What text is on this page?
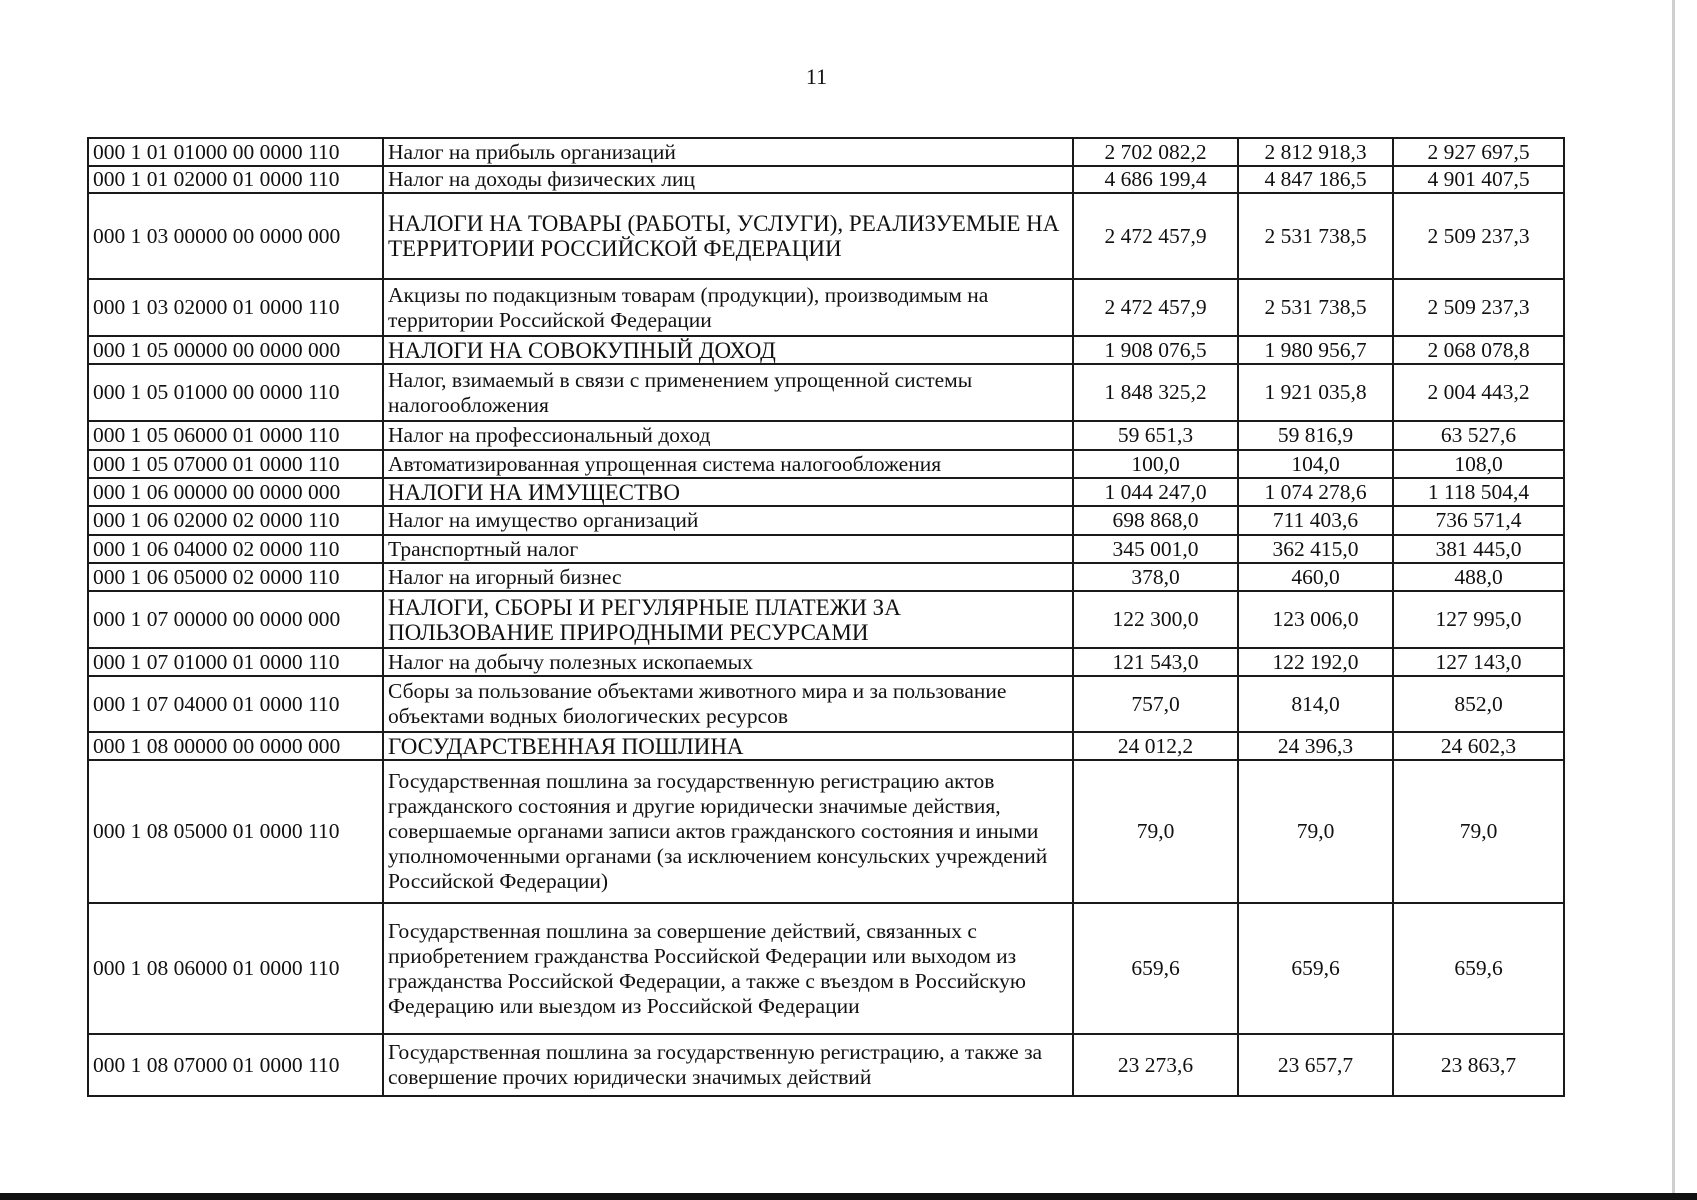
11
000 1 01 01000 00 0000 110	Налог на прибыль организаций	2 702 082,2	2 812 918,3	2 927 697,5
000 1 01 02000 01 0000 110	Налог на доходы физических лиц	4 686 199,4	4 847 186,5	4 901 407,5
000 1 03 00000 00 0000 000	НАЛОГИ НА ТОВАРЫ (РАБОТЫ, УСЛУГИ), РЕАЛИЗУЕМЫЕ НА ТЕРРИТОРИИ РОССИЙСКОЙ ФЕДЕРАЦИИ	2 472 457,9	2 531 738,5	2 509 237,3
000 1 03 02000 01 0000 110	Акцизы по подакцизным товарам (продукции), производимым на территории Российской Федерации	2 472 457,9	2 531 738,5	2 509 237,3
000 1 05 00000 00 0000 000	НАЛОГИ НА СОВОКУПНЫЙ ДОХОД	1 908 076,5	1 980 956,7	2 068 078,8
000 1 05 01000 00 0000 110	Налог, взимаемый в связи с применением упрощенной системы налогообложения	1 848 325,2	1 921 035,8	2 004 443,2
000 1 05 06000 01 0000 110	Налог на профессиональный доход	59 651,3	59 816,9	63 527,6
000 1 05 07000 01 0000 110	Автоматизированная упрощенная система налогообложения	100,0	104,0	108,0
000 1 06 00000 00 0000 000	НАЛОГИ НА ИМУЩЕСТВО	1 044 247,0	1 074 278,6	1 118 504,4
000 1 06 02000 02 0000 110	Налог на имущество организаций	698 868,0	711 403,6	736 571,4
000 1 06 04000 02 0000 110	Транспортный налог	345 001,0	362 415,0	381 445,0
000 1 06 05000 02 0000 110	Налог на игорный бизнес	378,0	460,0	488,0
000 1 07 00000 00 0000 000	НАЛОГИ, СБОРЫ И РЕГУЛЯРНЫЕ ПЛАТЕЖИ ЗА ПОЛЬЗОВАНИЕ ПРИРОДНЫМИ РЕСУРСАМИ	122 300,0	123 006,0	127 995,0
000 1 07 01000 01 0000 110	Налог на добычу полезных ископаемых	121 543,0	122 192,0	127 143,0
000 1 07 04000 01 0000 110	Сборы за пользование объектами животного мира и за пользование объектами водных биологических ресурсов	757,0	814,0	852,0
000 1 08 00000 00 0000 000	ГОСУДАРСТВЕННАЯ ПОШЛИНА	24 012,2	24 396,3	24 602,3
000 1 08 05000 01 0000 110	Государственная пошлина за государственную регистрацию актов гражданского состояния и другие юридически значимые действия, совершаемые органами записи актов гражданского состояния и иными уполномоченными органами (за исключением консульских учреждений Российской Федерации)	79,0	79,0	79,0
000 1 08 06000 01 0000 110	Государственная пошлина за совершение действий, связанных с приобретением гражданства Российской Федерации или выходом из гражданства Российской Федерации, а также с въездом в Российскую Федерацию или выездом из Российской Федерации	659,6	659,6	659,6
000 1 08 07000 01 0000 110	Государственная пошлина за государственную регистрацию, а также за совершение прочих юридически значимых действий	23 273,6	23 657,7	23 863,7
